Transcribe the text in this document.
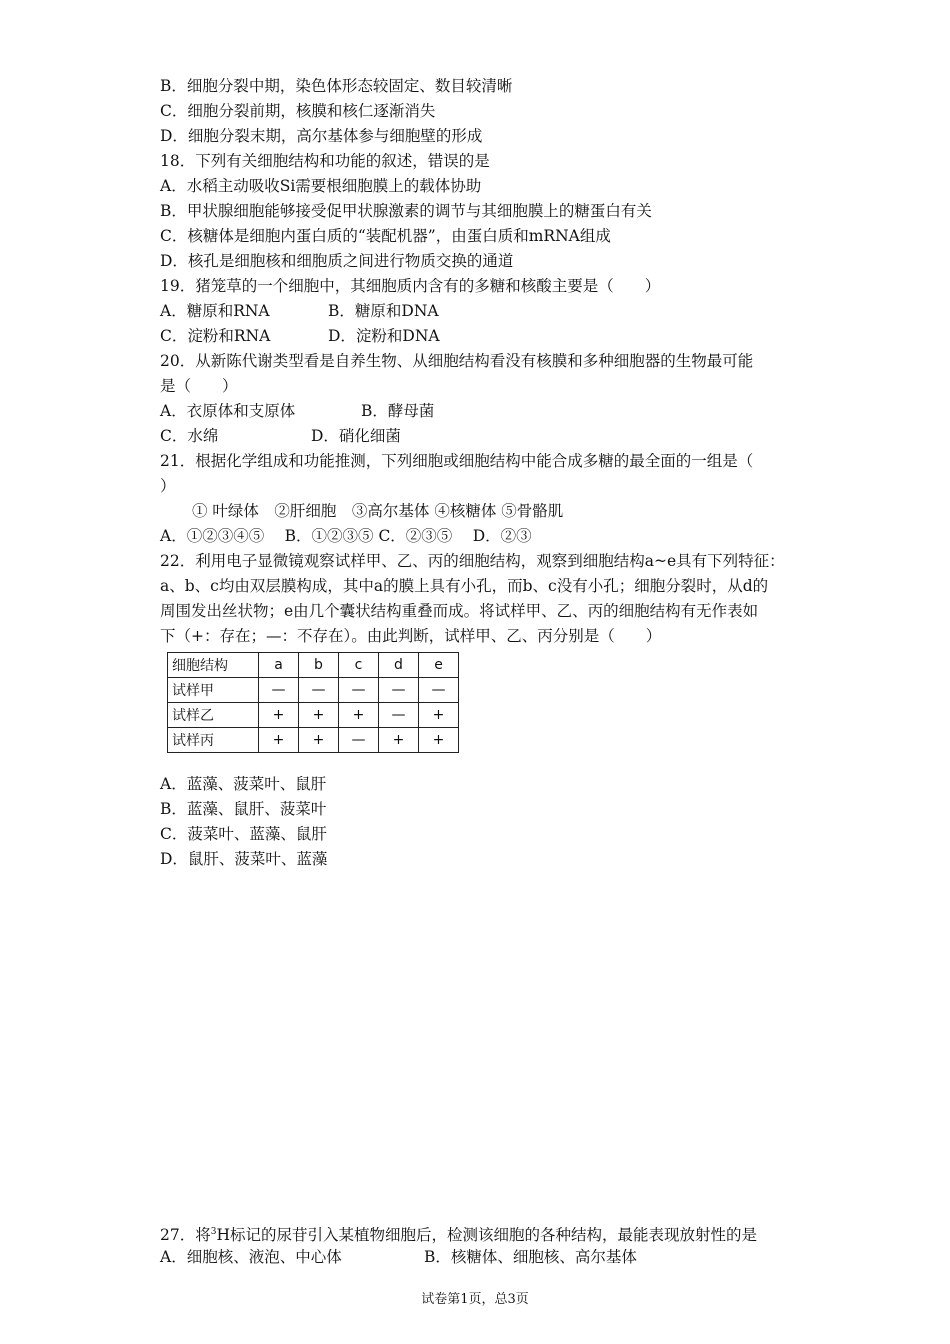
B．细胞分裂中期，染色体形态较固定、数目较清晰
C．细胞分裂前期，核膜和核仁逐渐消失
D．细胞分裂末期，高尔基体参与细胞壁的形成
18．下列有关细胞结构和功能的叙述，错误的是
A．水稻主动吸收Si需要根细胞膜上的载体协助
B．甲状腺细胞能够接受促甲状腺激素的调节与其细胞膜上的糖蛋白有关
C．核糖体是细胞内蛋白质的“装配机器”，由蛋白质和mRNA组成
D．核孔是细胞核和细胞质之间进行物质交换的通道
19．猪笼草的一个细胞中，其细胞质内含有的多糖和核酸主要是（　　）
A．糖原和RNA	B．糖原和DNA
C．淀粉和RNA	D．淀粉和DNA
20．从新陈代谢类型看是自养生物、从细胞结构看没有核膜和多种细胞器的生物最可能
是（　　）
A．衣原体和支原体	B．酵母菌
C．水绵	D．硝化细菌
21．根据化学组成和功能推测，下列细胞或细胞结构中能合成多糖的最全面的一组是（
）
① 叶绿体　②肝细胞　③高尔基体 ④核糖体 ⑤骨骼肌
A．①②③④⑤　 B．①②③⑤ C．②③⑤　 D．②③
22．利用电子显微镜观察试样甲、乙、丙的细胞结构，观察到细胞结构a~e具有下列特征：
a、b、c均由双层膜构成，其中a的膜上具有小孔，而b、c没有小孔；细胞分裂时，从d的
周围发出丝状物；e由几个囊状结构重叠而成。将试样甲、乙、丙的细胞结构有无作表如
下（+：存在；—：不存在）。由此判断，试样甲、乙、丙分别是（　　）
细胞结构	a	b	c	d	e
试样甲	—	—	—	—	—
试样乙	+	+	+	—	+
试样丙	+	+	—	+	+
A．蓝藻、菠菜叶、鼠肝
B．蓝藻、鼠肝、菠菜叶
C．菠菜叶、蓝藻、鼠肝
D．鼠肝、菠菜叶、蓝藻
27．将$^3$H标记的尿苷引入某植物细胞后，检测该细胞的各种结构，最能表现放射性的是
A．细胞核、液泡、中心体	B．核糖体、细胞核、高尔基体
试卷第1页，总3页
